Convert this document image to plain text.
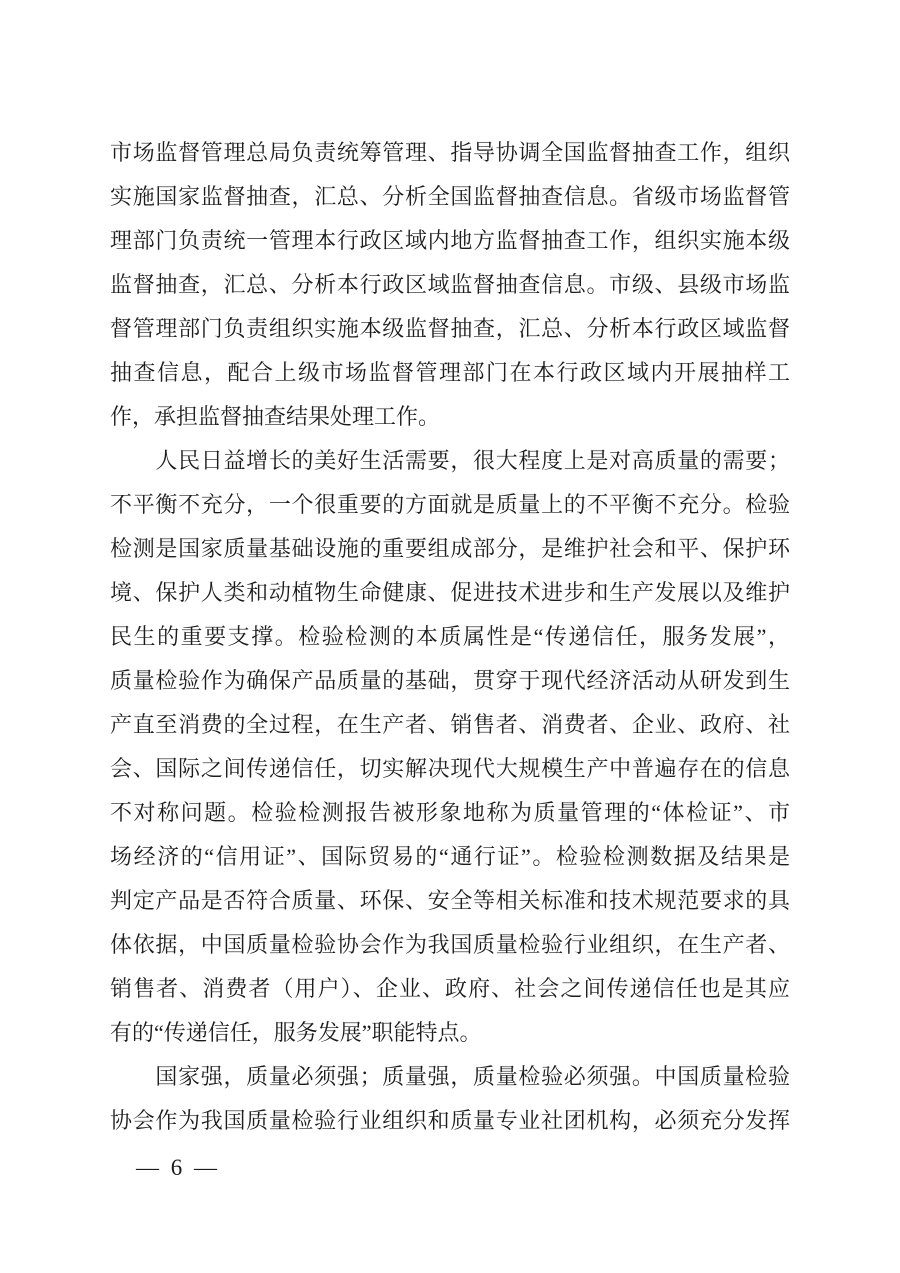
市场监督管理总局负责统筹管理、指导协调全国监督抽查工作，组织
实施国家监督抽查，汇总、分析全国监督抽查信息。省级市场监督管
理部门负责统一管理本行政区域内地方监督抽查工作，组织实施本级
监督抽查，汇总、分析本行政区域监督抽查信息。市级、县级市场监
督管理部门负责组织实施本级监督抽查，汇总、分析本行政区域监督
抽查信息，配合上级市场监督管理部门在本行政区域内开展抽样工
作，承担监督抽查结果处理工作。
　　人民日益增长的美好生活需要，很大程度上是对高质量的需要；
不平衡不充分，一个很重要的方面就是质量上的不平衡不充分。检验
检测是国家质量基础设施的重要组成部分，是维护社会和平、保护环
境、保护人类和动植物生命健康、促进技术进步和生产发展以及维护
民生的重要支撑。检验检测的本质属性是“传递信任，服务发展”，
质量检验作为确保产品质量的基础，贯穿于现代经济活动从研发到生
产直至消费的全过程，在生产者、销售者、消费者、企业、政府、社
会、国际之间传递信任，切实解决现代大规模生产中普遍存在的信息
不对称问题。检验检测报告被形象地称为质量管理的“体检证”、市
场经济的“信用证”、国际贸易的“通行证”。检验检测数据及结果是
判定产品是否符合质量、环保、安全等相关标准和技术规范要求的具
体依据，中国质量检验协会作为我国质量检验行业组织，在生产者、
销售者、消费者（用户）、企业、政府、社会之间传递信任也是其应
有的“传递信任，服务发展”职能特点。
　　国家强，质量必须强；质量强，质量检验必须强。中国质量检验
协会作为我国质量检验行业组织和质量专业社团机构，必须充分发挥
— 6 —
